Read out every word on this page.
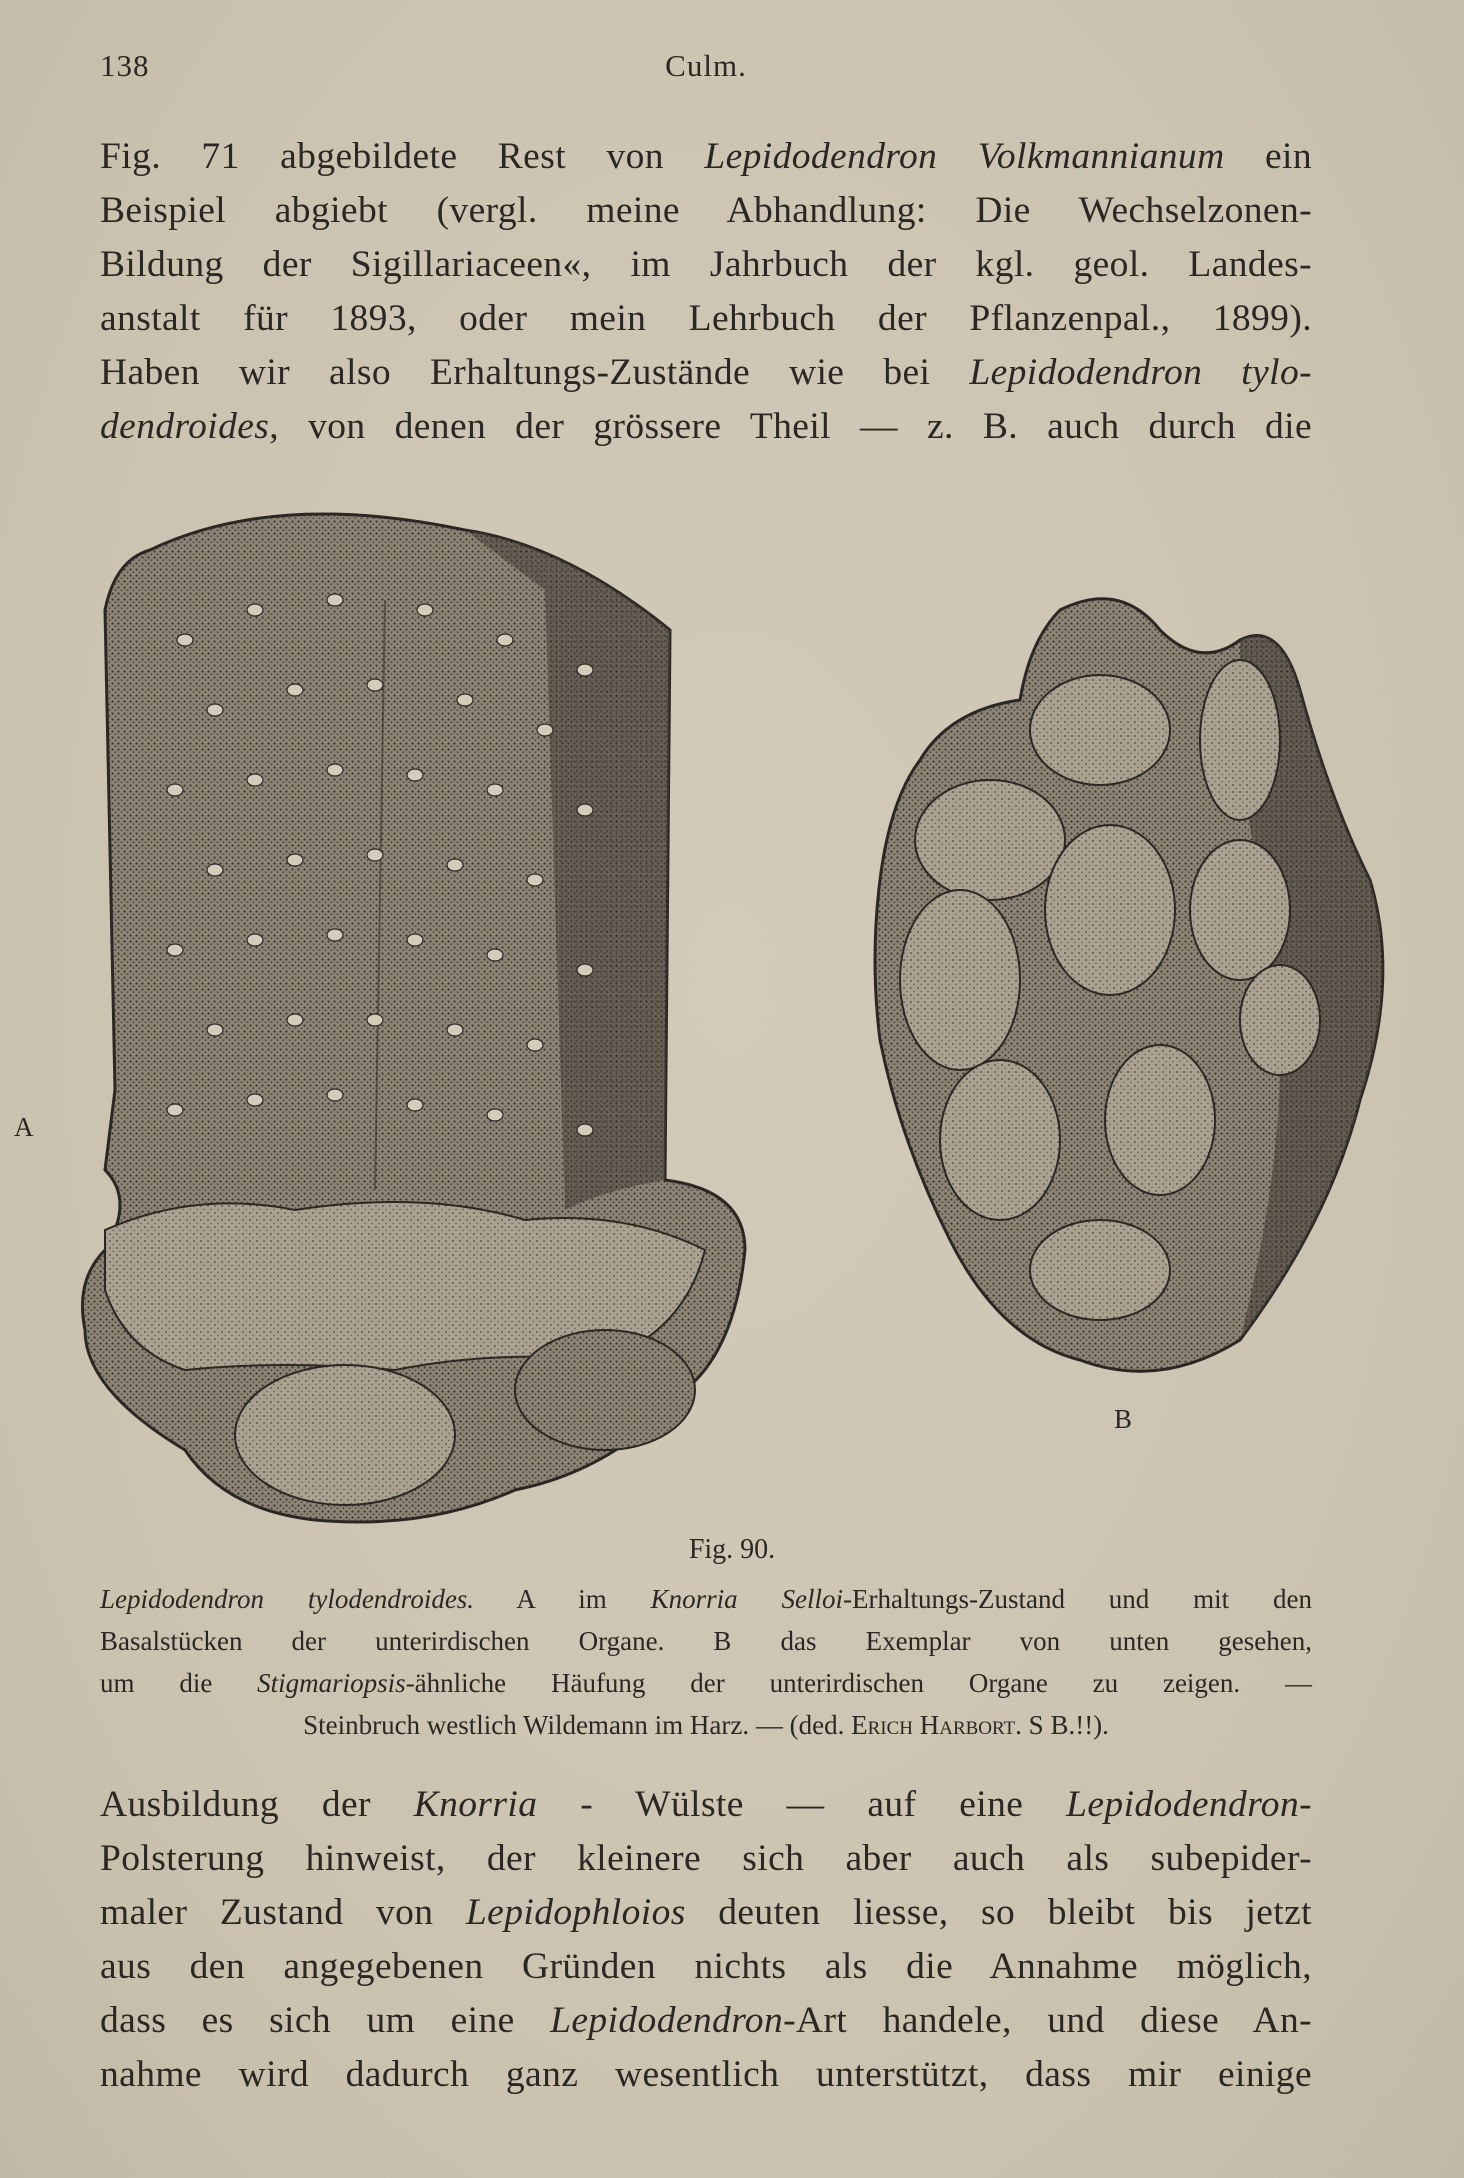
138	Culm.
Fig. 71 abgebildete Rest von Lepidodendron Volkmannianum ein
Beispiel abgiebt (vergl. meine Abhandlung: Die Wechselzonen-
Bildung der Sigillariaceen«, im Jahrbuch der kgl. geol. Landes-
anstalt für 1893, oder mein Lehrbuch der Pflanzenpal., 1899).
Haben wir also Erhaltungs-Zustände wie bei Lepidodendron tylo-
dendroides, von denen der grössere Theil — z. B. auch durch die
A
B
Fig. 90.
Lepidodendron tylodendroides. A im Knorria Selloi-Erhaltungs-Zustand und mit den
Basalstücken der unterirdischen Organe. B das Exemplar von unten gesehen,
um die Stigmariopsis-ähnliche Häufung der unterirdischen Organe zu zeigen. —
Steinbruch westlich Wildemann im Harz. — (ded. Erich Harbort. S B.!!).
Ausbildung der Knorria - Wülste — auf eine Lepidodendron-
Polsterung hinweist, der kleinere sich aber auch als subepider-
maler Zustand von Lepidophloios deuten liesse, so bleibt bis jetzt
aus den angegebenen Gründen nichts als die Annahme möglich,
dass es sich um eine Lepidodendron-Art handele, und diese An-
nahme wird dadurch ganz wesentlich unterstützt, dass mir einige
